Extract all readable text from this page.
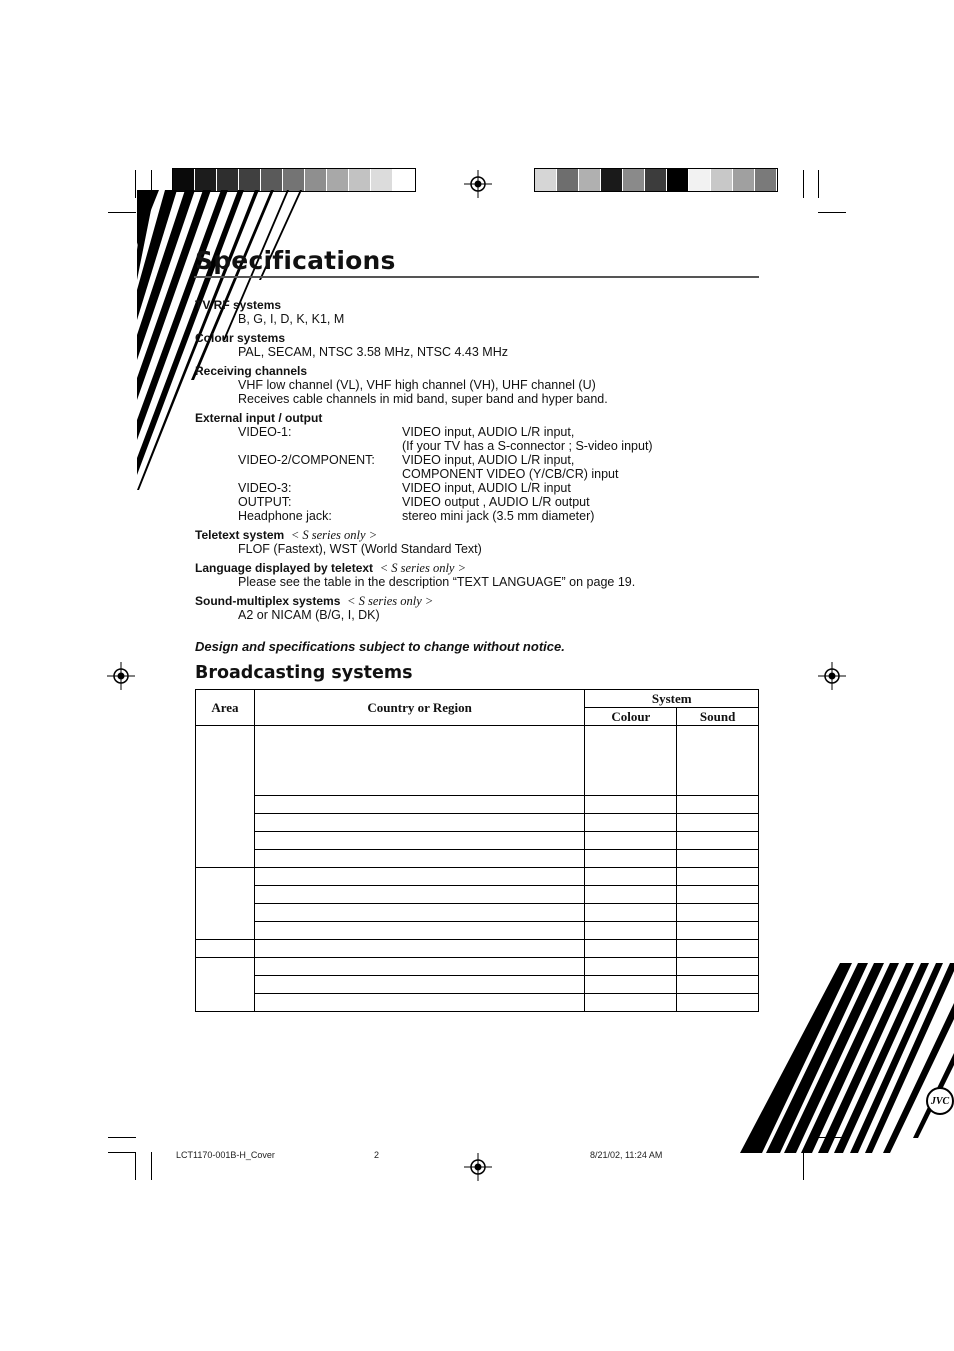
JVC
Specifications
TV RF systems
B, G, I, D, K, K1, M
Colour systems
PAL, SECAM, NTSC 3.58 MHz, NTSC 4.43 MHz
Receiving channels
VHF low channel (VL), VHF high channel (VH), UHF channel (U)
Receives cable channels in mid band, super band and hyper band.
External input / output
VIDEO-1:	VIDEO input, AUDIO L/R input,
(If your TV has a S-connector ; S-video input)
VIDEO-2/COMPONENT:	VIDEO input, AUDIO L/R input,
COMPONENT VIDEO (Y/CB/CR) input
VIDEO-3:	VIDEO input, AUDIO L/R input
OUTPUT:	VIDEO output , AUDIO L/R output
Headphone jack:	stereo mini jack (3.5 mm diameter)
Teletext system < S series only >
FLOF (Fastext), WST (World Standard Text)
Language displayed by teletext < S series only >
Please see the table in the description “TEXT LANGUAGE” on page 19.
Sound-multiplex systems < S series only >
A2 or NICAM (B/G, I, DK)
Design and specifications subject to change without notice.
Broadcasting systems
Area	Country or Region	System	
		Colour	Sound

LCT1170-001B-H_Cover	2	8/21/02, 11:24 AM
